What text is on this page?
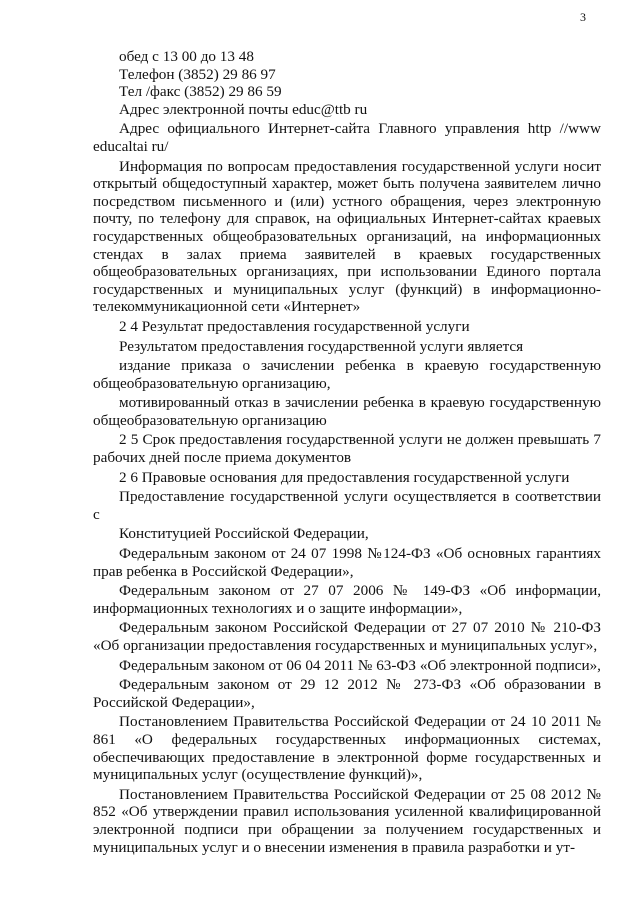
3

обед с 13 00 до 13 48

Телефон (3852) 29 86 97

Тел /факс (3852) 29 86 59

Адрес электронной почты educ@ttb ru

Адрес официального Интернет-сайта Главного управления http //www educaltai ru/

Информация по вопросам предоставления государственной услуги носит открытый общедоступный характер, может быть получена заявителем лично посредством письменного и (или) устного обращения, через электронную почту, по телефону для справок, на официальных Интернет-сайтах краевых государственных общеобразовательных организаций, на информационных стендах в залах приема заявителей в краевых государственных общеобразовательных организациях, при использовании Единого портала государственных и муниципальных услуг (функций) в информационно-телекоммуникационной сети «Интернет»

2 4 Результат предоставления государственной услуги

Результатом предоставления государственной услуги является

издание приказа о зачислении ребенка в краевую государственную общеобразовательную организацию,

мотивированный отказ в зачислении ребенка в краевую государственную общеобразовательную организацию

2 5 Срок предоставления государственной услуги не должен превышать 7 рабочих дней после приема документов

2 6 Правовые основания для предоставления государственной услуги

Предоставление государственной услуги осуществляется в соответствии с

Конституцией Российской Федерации,

Федеральным законом от 24 07 1998 №124-ФЗ «Об основных гарантиях прав ребенка в Российской Федерации»,

Федеральным законом от 27 07 2006 № 149-ФЗ «Об информации, информационных технологиях и о защите информации»,

Федеральным законом Российской Федерации от 27 07 2010 № 210-ФЗ «Об организации предоставления государственных и муниципальных услуг»,

Федеральным законом от 06 04 2011 № 63-ФЗ «Об электронной подписи»,

Федеральным законом от 29 12 2012 № 273-ФЗ «Об образовании в Российской Федерации»,

Постановлением Правительства Российской Федерации от 24 10 2011 № 861 «О федеральных государственных информационных системах, обеспечивающих предоставление в электронной форме государственных и муниципальных услуг (осуществление функций)»,

Постановлением Правительства Российской Федерации от 25 08 2012 № 852 «Об утверждении правил использования усиленной квалифицированной электронной подписи при обращении за получением государственных и муниципальных услуг и о внесении изменения в правила разработки и ут-
